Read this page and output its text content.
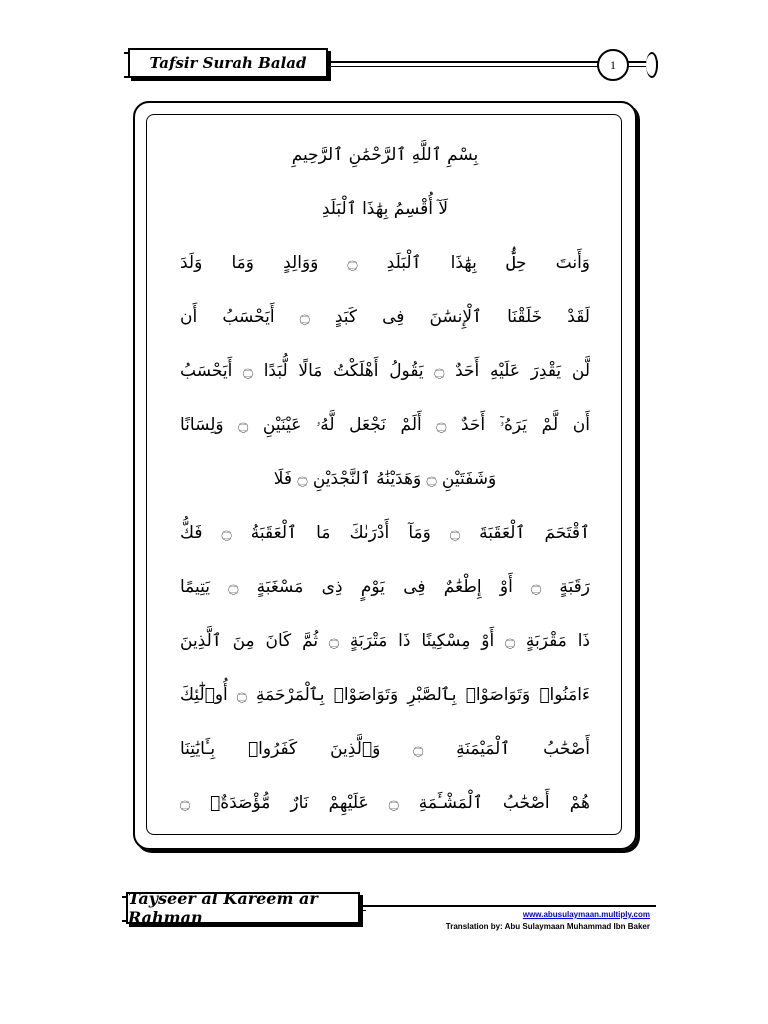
Tafsir Surah Balad	1
بِسْمِ ٱللَّهِ ٱلرَّحْمَٰنِ ٱلرَّحِيمِ
لَآ أُقْسِمُ بِهَٰذَا ٱلْبَلَدِ
وَأَنتَ حِلُّۢ بِهَٰذَا ٱلْبَلَدِ ۝ وَوَالِدٍ وَمَا وَلَدَ
لَقَدْ خَلَقْنَا ٱلْإِنسَٰنَ فِى كَبَدٍ ۝ أَيَحْسَبُ أَن
لَّن يَقْدِرَ عَلَيْهِ أَحَدٌ ۝ يَقُولُ أَهْلَكْتُ مَالًا لُّبَدًا ۝ أَيَحْسَبُ
أَن لَّمْ يَرَهُۥٓ أَحَدٌ ۝ أَلَمْ نَجْعَل لَّهُۥ عَيْنَيْنِ ۝ وَلِسَانًا
وَشَفَتَيْنِ ۝ وَهَدَيْنَٰهُ ٱلنَّجْدَيْنِ ۝ فَلَا
ٱقْتَحَمَ ٱلْعَقَبَةَ ۝ وَمَآ أَدْرَىٰكَ مَا ٱلْعَقَبَةُ ۝ فَكُّ
رَقَبَةٍ ۝ أَوْ إِطْعَٰمٌ فِى يَوْمٍ ذِى مَسْغَبَةٍ ۝ يَتِيمًا
ذَا مَقْرَبَةٍ ۝ أَوْ مِسْكِينًا ذَا مَتْرَبَةٍ ۝ ثُمَّ كَانَ مِنَ ٱلَّذِينَ
ءَامَنُوا۟ وَتَوَاصَوْا۟ بِٱلصَّبْرِ وَتَوَاصَوْا۟ بِٱلْمَرْحَمَةِ ۝ أُو۟لَٰٓئِكَ
أَصْحَٰبُ ٱلْمَيْمَنَةِ ۝ وَٱلَّذِينَ كَفَرُوا۟ بِـَٔايَٰتِنَا
هُمْ أَصْحَٰبُ ٱلْمَشْـَٔمَةِ ۝ عَلَيْهِمْ نَارٌ مُّؤْصَدَةٌۢ ۝
Tayseer al Kareem ar Rahman	www.abusulaymaan.multiply.com
Translation by: Abu Sulaymaan Muhammad Ibn Baker
